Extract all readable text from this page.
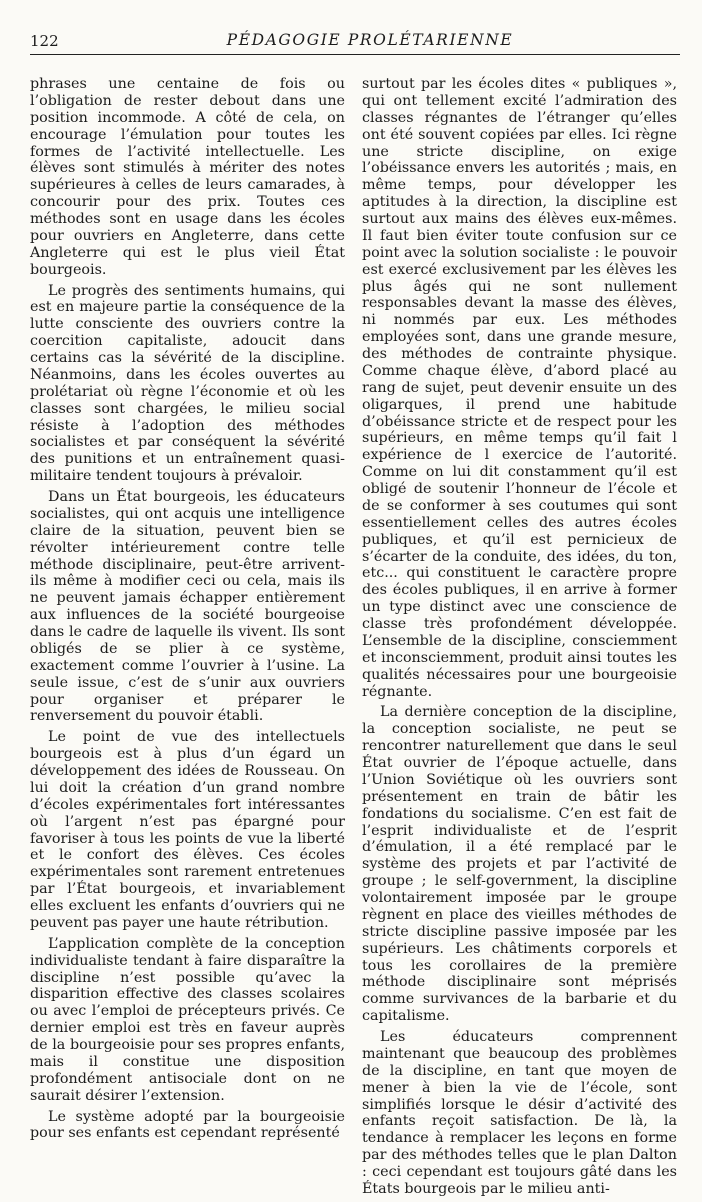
122	PÉDAGOGIE PROLÉTARIENNE

phrases une centaine de fois ou l’obligation de rester debout dans une position incommode. A côté de cela, on encourage l’émulation pour toutes les formes de l’activité intellectuelle. Les élèves sont stimulés à mériter des notes supérieures à celles de leurs camarades, à concourir pour des prix. Toutes ces méthodes sont en usage dans les écoles pour ouvriers en Angleterre, dans cette Angleterre qui est le plus vieil État bourgeois.

Le progrès des sentiments humains, qui est en majeure partie la conséquence de la lutte consciente des ouvriers contre la coercition capitaliste, adoucit dans certains cas la sévérité de la discipline. Néanmoins, dans les écoles ouvertes au prolétariat où règne l’économie et où les classes sont chargées, le milieu social résiste à l’adoption des méthodes socialistes et par conséquent la sévérité des punitions et un entraînement quasi-militaire tendent toujours à prévaloir.

Dans un État bourgeois, les éducateurs socialistes, qui ont acquis une intelligence claire de la situation, peuvent bien se révolter intérieurement contre telle méthode disciplinaire, peut-être arrivent-ils même à modifier ceci ou cela, mais ils ne peuvent jamais échapper entièrement aux influences de la société bourgeoise dans le cadre de laquelle ils vivent. Ils sont obligés de se plier à ce système, exactement comme l’ouvrier à l’usine. La seule issue, c’est de s’unir aux ouvriers pour organiser et préparer le renversement du pouvoir établi.

Le point de vue des intellectuels bourgeois est à plus d’un égard un développement des idées de Rousseau. On lui doit la création d’un grand nombre d’écoles expérimentales fort intéressantes où l’argent n’est pas épargné pour favoriser à tous les points de vue la liberté et le confort des élèves. Ces écoles expérimentales sont rarement entretenues par l’État bourgeois, et invariablement elles excluent les enfants d’ouvriers qui ne peuvent pas payer une haute rétribution.

L’application complète de la conception individualiste tendant à faire disparaître la discipline n’est possible qu’avec la disparition effective des classes scolaires ou avec l’emploi de précepteurs privés. Ce dernier emploi est très en faveur auprès de la bourgeoisie pour ses propres enfants, mais il constitue une disposition profondément antisociale dont on ne saurait désirer l’extension.

Le système adopté par la bourgeoisie pour ses enfants est cependant représenté

surtout par les écoles dites « publiques », qui ont tellement excité l’admiration des classes régnantes de l’étranger qu’elles ont été souvent copiées par elles. Ici règne une stricte discipline, on exige l’obéissance envers les autorités ; mais, en même temps, pour développer les aptitudes à la direction, la discipline est surtout aux mains des élèves eux-mêmes. Il faut bien éviter toute confusion sur ce point avec la solution socialiste : le pouvoir est exercé exclusivement par les élèves les plus âgés qui ne sont nullement responsables devant la masse des élèves, ni nommés par eux. Les méthodes employées sont, dans une grande mesure, des méthodes de contrainte physique. Comme chaque élève, d’abord placé au rang de sujet, peut devenir ensuite un des oligarques, il prend une habitude d’obéissance stricte et de respect pour les supérieurs, en même temps qu’il fait l expérience de l exercice de l’autorité. Comme on lui dit constamment qu’il est obligé de soutenir l’honneur de l’école et de se conformer à ses coutumes qui sont essentiellement celles des autres écoles publiques, et qu’il est pernicieux de s’écarter de la conduite, des idées, du ton, etc... qui constituent le caractère propre des écoles publiques, il en arrive à former un type distinct avec une conscience de classe très profondément développée. L’ensemble de la discipline, consciemment et inconsciemment, produit ainsi toutes les qualités nécessaires pour une bourgeoisie régnante.

La dernière conception de la discipline, la conception socialiste, ne peut se rencontrer naturellement que dans le seul État ouvrier de l’époque actuelle, dans l’Union Soviétique où les ouvriers sont présentement en train de bâtir les fondations du socialisme. C’en est fait de l’esprit individualiste et de l’esprit d’émulation, il a été remplacé par le système des projets et par l’activité de groupe ; le self-government, la discipline volontairement imposée par le groupe règnent en place des vieilles méthodes de stricte discipline passive imposée par les supérieurs. Les châtiments corporels et tous les corollaires de la première méthode disciplinaire sont méprisés comme survivances de la barbarie et du capitalisme.

Les éducateurs comprennent maintenant que beaucoup des problèmes de la discipline, en tant que moyen de mener à bien la vie de l’école, sont simplifiés lorsque le désir d’activité des enfants reçoit satisfaction. De là, la tendance à remplacer les leçons en forme par des méthodes telles que le plan Dalton : ceci cependant est toujours gâté dans les États bourgeois par le milieu anti-
